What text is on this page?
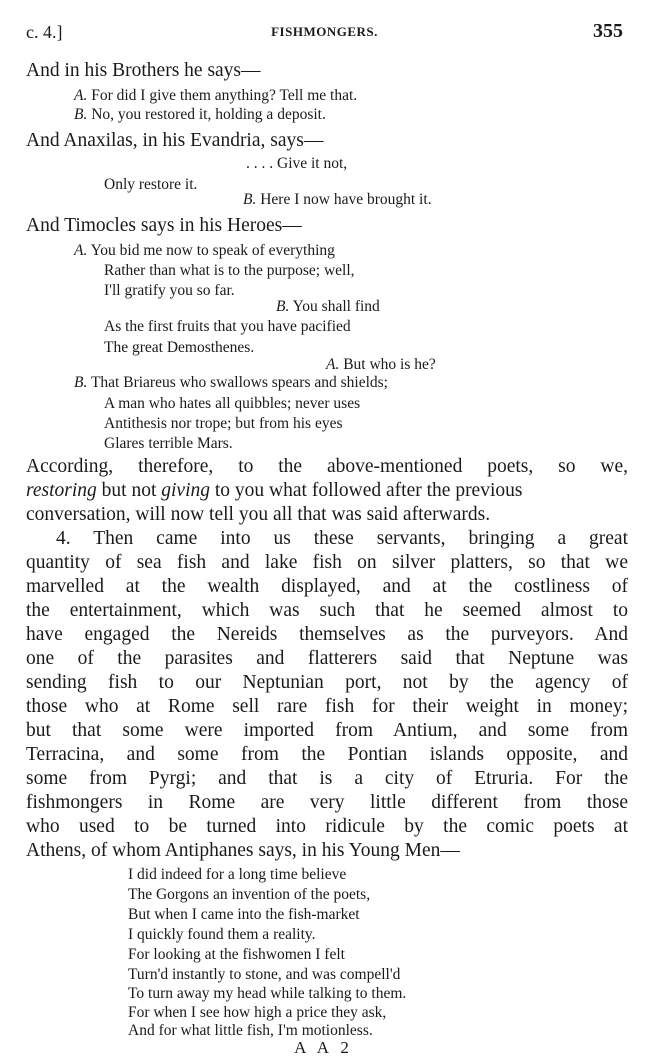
c. 4.]	FISHMONGERS.	355
And in his Brothers he says—
A. For did I give them anything? Tell me that.
B. No, you restored it, holding a deposit.
And Anaxilas, in his Evandria, says—
. . . . Give it not,
Only restore it.
B. Here I now have brought it.
And Timocles says in his Heroes—
A. You bid me now to speak of everything
Rather than what is to the purpose; well,
I'll gratify you so far.
B. You shall find
As the first fruits that you have pacified
The great Demosthenes.
A. But who is he?
B. That Briareus who swallows spears and shields;
A man who hates all quibbles; never uses
Antithesis nor trope; but from his eyes
Glares terrible Mars.
According, therefore, to the above-mentioned poets, so we,
restoring but not giving to you what followed after the previous
conversation, will now tell you all that was said afterwards.
4. Then came into us these servants, bringing a great
quantity of sea fish and lake fish on silver platters, so that we
marvelled at the wealth displayed, and at the costliness of
the entertainment, which was such that he seemed almost to
have engaged the Nereids themselves as the purveyors. And
one of the parasites and flatterers said that Neptune was
sending fish to our Neptunian port, not by the agency of
those who at Rome sell rare fish for their weight in money;
but that some were imported from Antium, and some from
Terracina, and some from the Pontian islands opposite, and
some from Pyrgi; and that is a city of Etruria. For the
fishmongers in Rome are very little different from those
who used to be turned into ridicule by the comic poets at
Athens, of whom Antiphanes says, in his Young Men—
I did indeed for a long time believe
The Gorgons an invention of the poets,
But when I came into the fish-market
I quickly found them a reality.
For looking at the fishwomen I felt
Turn'd instantly to stone, and was compell'd
To turn away my head while talking to them.
For when I see how high a price they ask,
And for what little fish, I'm motionless.
A A 2
